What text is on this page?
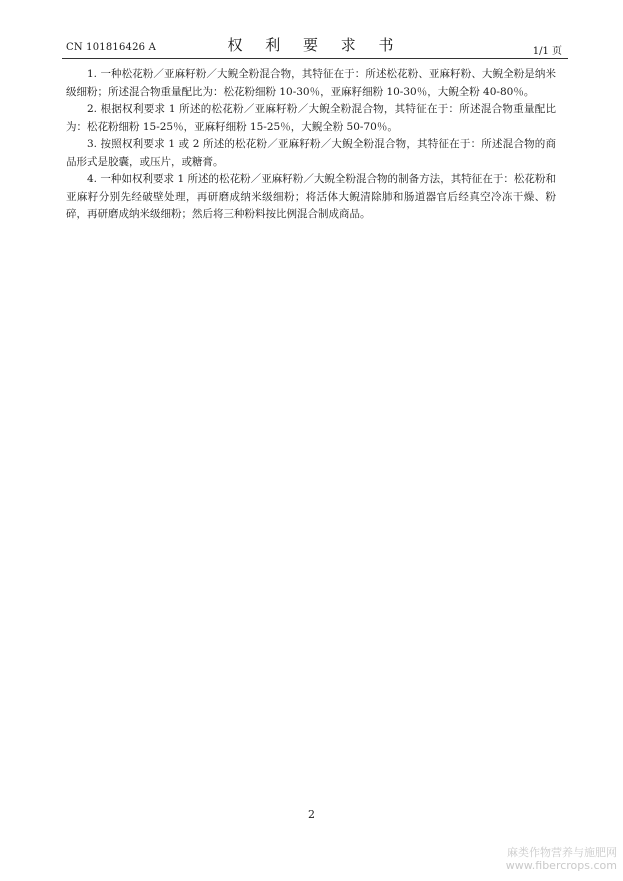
CN 101816426 A	权 利 要 求 书	1/1 页

1. 一种松花粉／亚麻籽粉／大鲵全粉混合物，其特征在于：所述松花粉、亚麻籽粉、大鲵全粉是纳米级细粉；所述混合物重量配比为：松花粉细粉 10-30％，亚麻籽细粉 10-30％，大鲵全粉 40-80％。

2. 根据权利要求 1 所述的松花粉／亚麻籽粉／大鲵全粉混合物，其特征在于：所述混合物重量配比为：松花粉细粉 15-25％，亚麻籽细粉 15-25％，大鲵全粉 50-70％。

3. 按照权利要求 1 或 2 所述的松花粉／亚麻籽粉／大鲵全粉混合物，其特征在于：所述混合物的商品形式是胶囊，或压片，或糖膏。

4. 一种如权利要求 1 所述的松花粉／亚麻籽粉／大鲵全粉混合物的制备方法，其特征在于：松花粉和亚麻籽分别先经破壁处理，再研磨成纳米级细粉；将活体大鲵清除肺和肠道器官后经真空冷冻干燥、粉碎，再研磨成纳米级细粉；然后将三种粉料按比例混合制成商品。

2
麻类作物营养与施肥网
www.fibercrops.com
